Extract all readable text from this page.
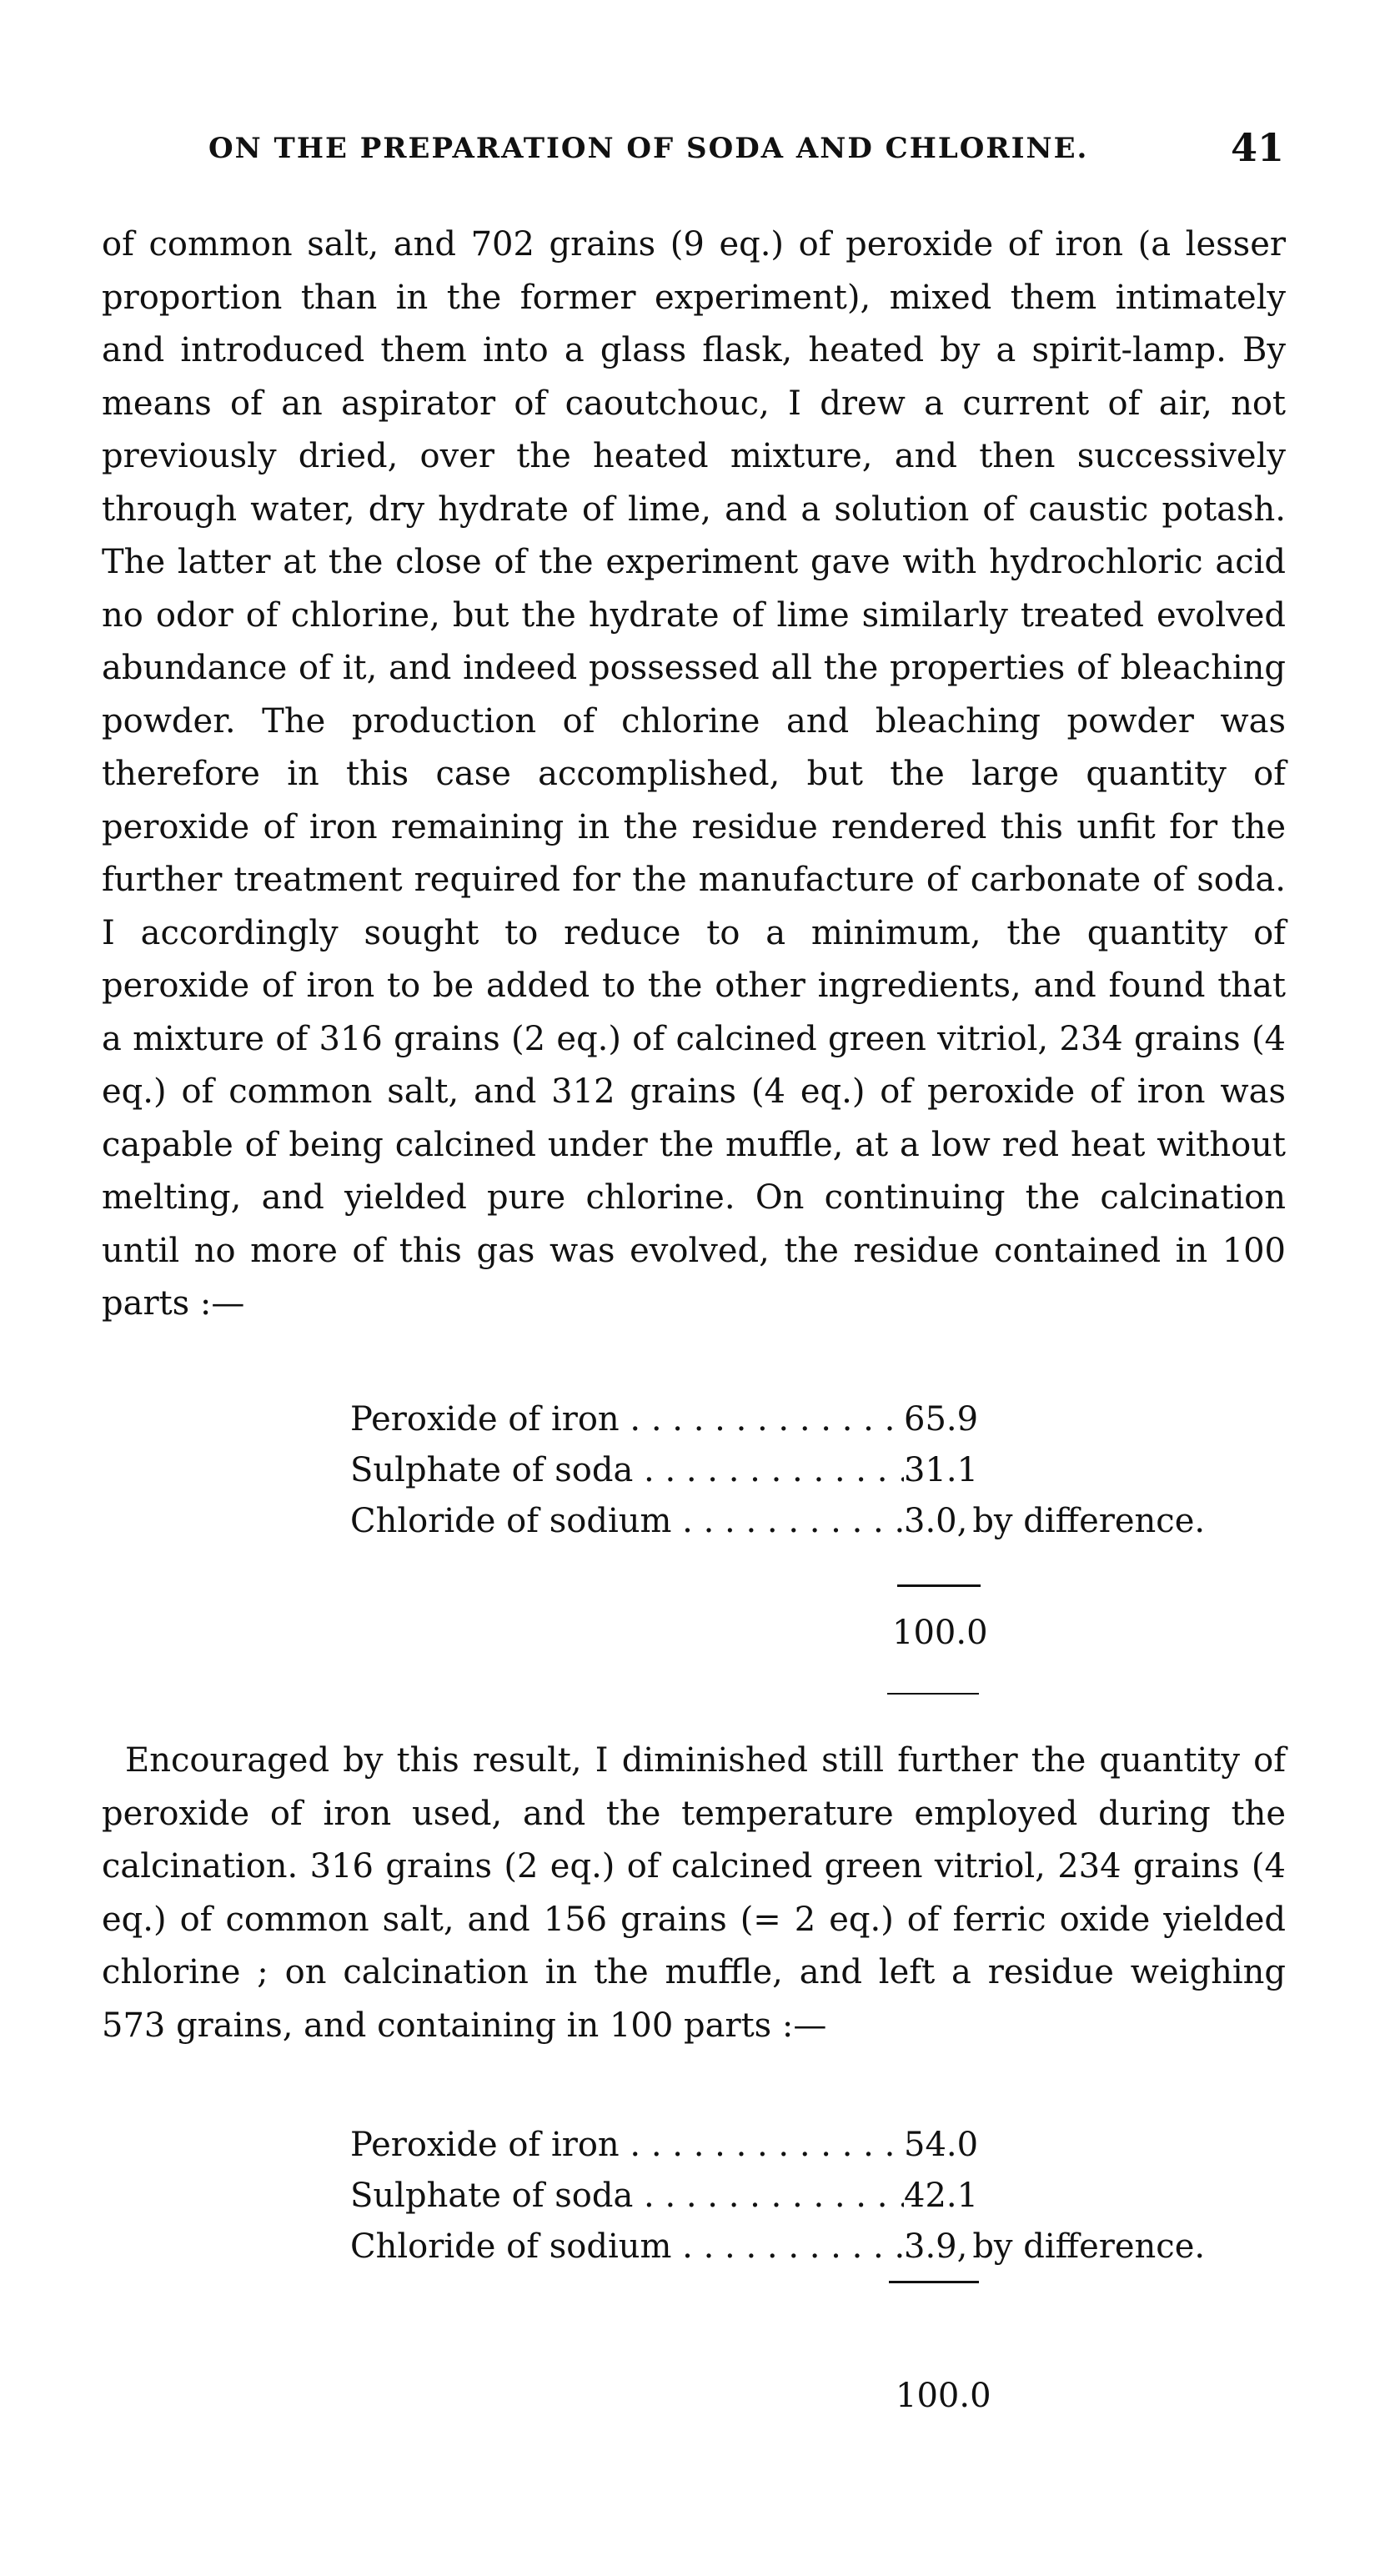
ON THE PREPARATION OF SODA AND CHLORINE.	41

of common salt, and 702 grains (9 eq.) of peroxide of iron (a lesser proportion than in the former experiment), mixed them intimately and introduced them into a glass flask, heated by a spirit-lamp. By means of an aspirator of caoutchouc, I drew a current of air, not previously dried, over the heated mixture, and then successively through water, dry hydrate of lime, and a solution of caustic potash. The latter at the close of the experiment gave with hydrochloric acid no odor of chlorine, but the hydrate of lime similarly treated evolved abundance of it, and indeed possessed all the properties of bleaching powder. The production of chlorine and bleaching powder was therefore in this case accomplished, but the large quantity of peroxide of iron remaining in the residue rendered this unfit for the further treatment required for the manufacture of carbonate of soda. I accordingly sought to reduce to a minimum, the quantity of peroxide of iron to be added to the other ingredients, and found that a mixture of 316 grains (2 eq.) of calcined green vitriol, 234 grains (4 eq.) of common salt, and 312 grains (4 eq.) of peroxide of iron was capable of being calcined under the muffle, at a low red heat without melting, and yielded pure chlorine. On continuing the calcination until no more of this gas was evolved, the residue contained in 100 parts :—

Peroxide of iron . . .	65.9
Sulphate of soda . . .	31.1
Chloride of sodium . . .	3.0, by difference.
100.0

Encouraged by this result, I diminished still further the quantity of peroxide of iron used, and the temperature employed during the calcination. 316 grains (2 eq.) of calcined green vitriol, 234 grains (4 eq.) of common salt, and 156 grains (= 2 eq.) of ferric oxide yielded chlorine ; on calcination in the muffle, and left a residue weighing 573 grains, and containing in 100 parts :—

Peroxide of iron . . .	54.0
Sulphate of soda . . .	42.1
Chloride of sodium . . .	3.9, by difference.
100.0
